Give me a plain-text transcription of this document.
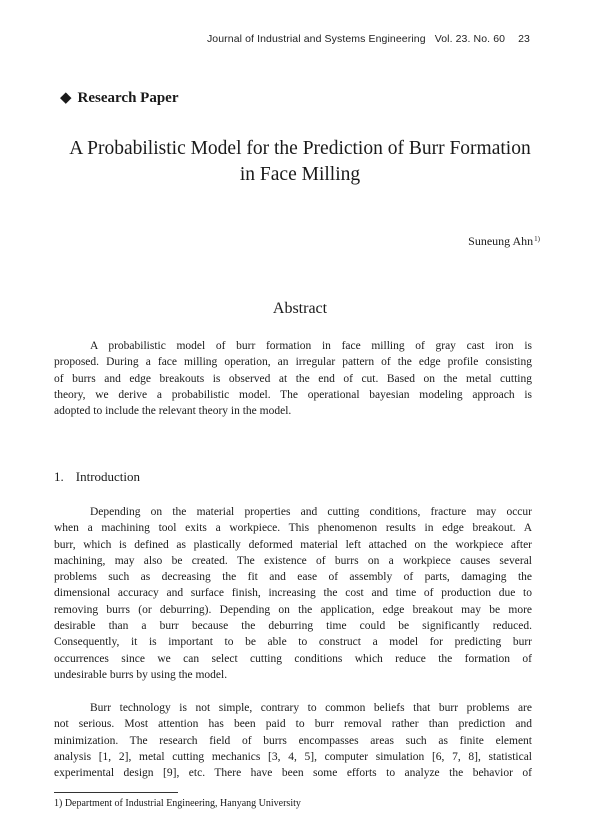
Journal of Industrial and Systems Engineering Vol. 23. No. 60 23
◆ Research Paper
A Probabilistic Model for the Prediction of Burr Formation
in Face Milling
Suneung Ahn$^{1)}$
Abstract

A probabilistic model of burr formation in face milling of gray cast iron is
proposed. During a face milling operation, an irregular pattern of the edge profile consisting
of burrs and edge breakouts is observed at the end of cut. Based on the metal cutting
theory, we derive a probabilistic model. The operational bayesian modeling approach is
adopted to include the relevant theory in the model.

1. Introduction

Depending on the material properties and cutting conditions, fracture may occur
when a machining tool exits a workpiece. This phenomenon results in edge breakout. A
burr, which is defined as plastically deformed material left attached on the workpiece after
machining, may also be created. The existence of burrs on a workpiece causes several
problems such as decreasing the fit and ease of assembly of parts, damaging the
dimensional accuracy and surface finish, increasing the cost and time of production due to
removing burrs (or deburring). Depending on the application, edge breakout may be more
desirable than a burr because the deburring time could be significantly reduced.
Consequently, it is important to be able to construct a model for predicting burr
occurrences since we can select cutting conditions which reduce the formation of
undesirable burrs by using the model.

Burr technology is not simple, contrary to common beliefs that burr problems are
not serious. Most attention has been paid to burr removal rather than prediction and
minimization. The research field of burrs encompasses areas such as finite element
analysis [1, 2], metal cutting mechanics [3, 4, 5], computer simulation [6, 7, 8], statistical
experimental design [9], etc. There have been some efforts to analyze the behavior of

1) Department of Industrial Engineering, Hanyang University
